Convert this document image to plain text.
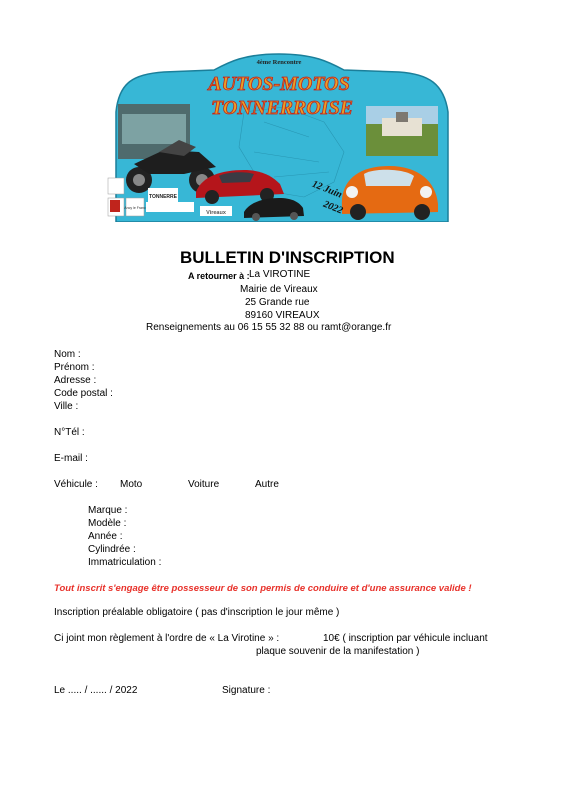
4ème Rencontre
AUTOS-MOTOS
TONNERROISE
12 Juin
2022
TONNERRE
Vireaux
Ancy le Franc
BULLETIN D'INSCRIPTION
A retourner à : La VIROTINE
Mairie de Vireaux
25 Grande rue
89160 VIREAUX
Renseignements au 06 15 55 32 88 ou ramt@orange.fr
Nom :
Prénom :
Adresse :
Code postal :
Ville :
N°Tél :
E-mail :
Véhicule : Moto	Voiture	Autre
Marque :
Modèle :
Année :
Cylindrée :
Immatriculation :
Tout inscrit s'engage être possesseur de son permis de conduire et d'une assurance valide !
Inscription préalable obligatoire ( pas d'inscription le jour même )
Ci joint mon règlement à l'ordre de « La Virotine » :	10€ ( inscription par véhicule incluant
plaque souvenir de la manifestation )
Le ..... / ...... / 2022	Signature :
